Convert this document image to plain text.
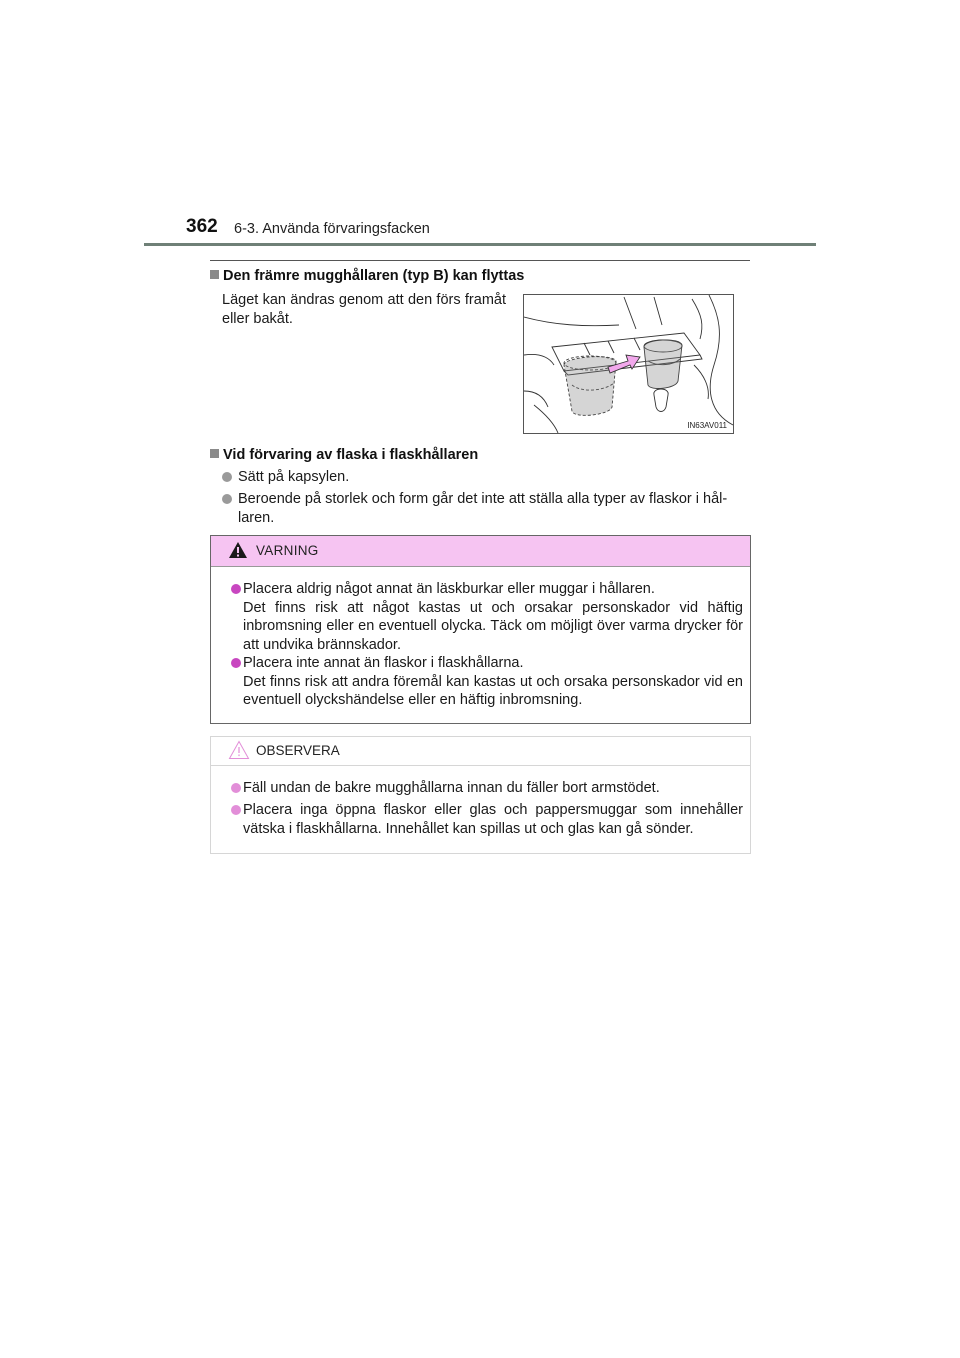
362 6-3. Använda förvaringsfacken
Den främre mugghållaren (typ B) kan flyttas
Läget kan ändras genom att den förs framåt eller bakåt.
IN63AV011
Vid förvaring av flaska i flaskhållaren
Sätt på kapsylen.
Beroende på storlek och form går det inte att ställa alla typer av flaskor i hål-laren.
VARNING
Placera aldrig något annat än läskburkar eller muggar i hållaren.
Det finns risk att något kastas ut och orsakar personskador vid häftig inbromsning eller en eventuell olycka. Täck om möjligt över varma drycker för att undvika brännskador.
Placera inte annat än flaskor i flaskhållarna.
Det finns risk att andra föremål kan kastas ut och orsaka personskador vid en eventuell olyckshändelse eller en häftig inbromsning.
OBSERVERA
Fäll undan de bakre mugghållarna innan du fäller bort armstödet.
Placera inga öppna flaskor eller glas och pappersmuggar som innehåller vätska i flaskhållarna. Innehållet kan spillas ut och glas kan gå sönder.
